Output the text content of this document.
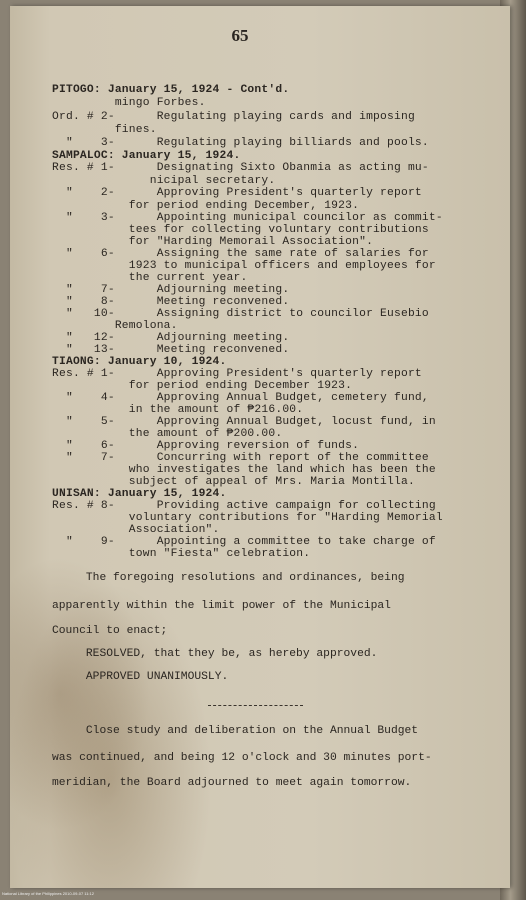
65
PITOGO: January 15, 1924 - Cont'd.
mingo Forbes.
Ord. # 2-      Regulating playing cards and imposing
fines.
"    3-      Regulating playing billiards and pools.
SAMPALOC: January 15, 1924.
Res. # 1-      Designating Sixto Obanmia as acting mu-
nicipal secretary.
"    2-      Approving President's quarterly report
for period ending December, 1923.
"    3-      Appointing municipal councilor as commit-
tees for collecting voluntary contributions
for "Harding Memorail Association".
"    6-      Assigning the same rate of salaries for
1923 to municipal officers and employees for
the current year.
"    7-      Adjourning meeting.
"    8-      Meeting reconvened.
"   10-      Assigning district to councilor Eusebio
Remolona.
"   12-      Adjourning meeting.
"   13-      Meeting reconvened.
TIAONG: January 10, 1924.
Res. # 1-      Approving President's quarterly report
for period ending December 1923.
"    4-      Approving Annual Budget, cemetery fund,
in the amount of ₱216.00.
"    5-      Approving Annual Budget, locust fund, in
the amount of ₱200.00.
"    6-      Approving reversion of funds.
"    7-      Concurring with report of the committee
who investigates the land which has been the
subject of appeal of Mrs. Maria Montilla.
UNISAN: January 15, 1924.
Res. # 8-      Providing active campaign for collecting
voluntary contributions for "Harding Memorial
Association".
"    9-      Appointing a committee to take charge of
town "Fiesta" celebration.
The foregoing resolutions and ordinances, being
apparently within the limit power of the Municipal
Council to enact;
RESOLVED, that they be, as hereby approved.
APPROVED UNANIMOUSLY.
Close study and deliberation on the Annual Budget
was continued, and being 12 o'clock and 30 minutes port-
meridian, the Board adjourned to meet again tomorrow.
National Library of the Philippines 2010-09-07 11:12
